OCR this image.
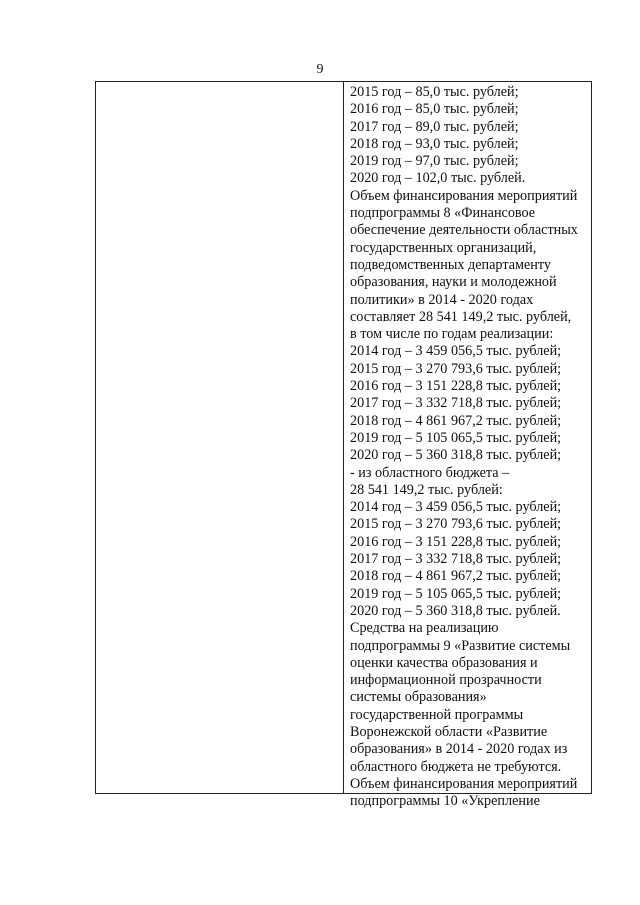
9
2015 год – 85,0 тыс. рублей;
2016 год – 85,0 тыс. рублей;
2017 год – 89,0 тыс. рублей;
2018 год – 93,0 тыс. рублей;
2019 год – 97,0 тыс. рублей;
2020 год – 102,0 тыс. рублей.
Объем финансирования мероприятий
подпрограммы 8 «Финансовое
обеспечение деятельности областных
государственных организаций,
подведомственных департаменту
образования, науки и молодежной
политики» в 2014 - 2020 годах
составляет 28 541 149,2 тыс. рублей,
в том числе по годам реализации:
2014 год – 3 459 056,5 тыс. рублей;
2015 год – 3 270 793,6 тыс. рублей;
2016 год – 3 151 228,8 тыс. рублей;
2017 год – 3 332 718,8 тыс. рублей;
2018 год – 4 861 967,2 тыс. рублей;
2019 год – 5 105 065,5 тыс. рублей;
2020 год – 5 360 318,8 тыс. рублей;
- из областного бюджета –
28 541 149,2 тыс. рублей:
2014 год – 3 459 056,5 тыс. рублей;
2015 год – 3 270 793,6 тыс. рублей;
2016 год – 3 151 228,8 тыс. рублей;
2017 год – 3 332 718,8 тыс. рублей;
2018 год – 4 861 967,2 тыс. рублей;
2019 год – 5 105 065,5 тыс. рублей;
2020 год – 5 360 318,8 тыс. рублей.
Средства на реализацию
подпрограммы 9 «Развитие системы
оценки качества образования и
информационной прозрачности
системы образования»
государственной программы
Воронежской области «Развитие
образования» в 2014 - 2020 годах из
областного бюджета не требуются.
Объем финансирования мероприятий
подпрограммы 10 «Укрепление
